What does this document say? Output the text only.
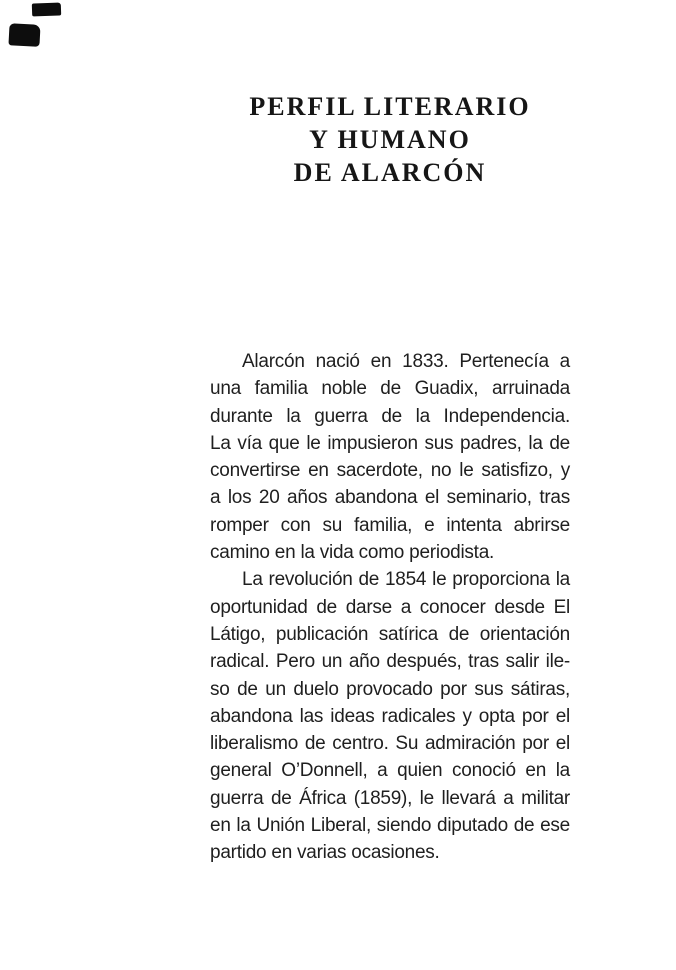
PERFIL LITERARIO
Y HUMANO
DE ALARCÓN
Alarcón nació en 1833. Pertenecía a
una familia noble de Guadix, arruinada
durante la guerra de la Independencia.
La vía que le impusieron sus padres, la de
convertirse en sacerdote, no le satisfizo, y
a los 20 años abandona el seminario, tras
romper con su familia, e intenta abrirse
camino en la vida como periodista.
La revolución de 1854 le proporciona la
oportunidad de darse a conocer desde El
Látigo, publicación satírica de orientación
radical. Pero un año después, tras salir ile-
so de un duelo provocado por sus sátiras,
abandona las ideas radicales y opta por el
liberalismo de centro. Su admiración por el
general O’Donnell, a quien conoció en la
guerra de África (1859), le llevará a militar
en la Unión Liberal, siendo diputado de ese
partido en varias ocasiones.
